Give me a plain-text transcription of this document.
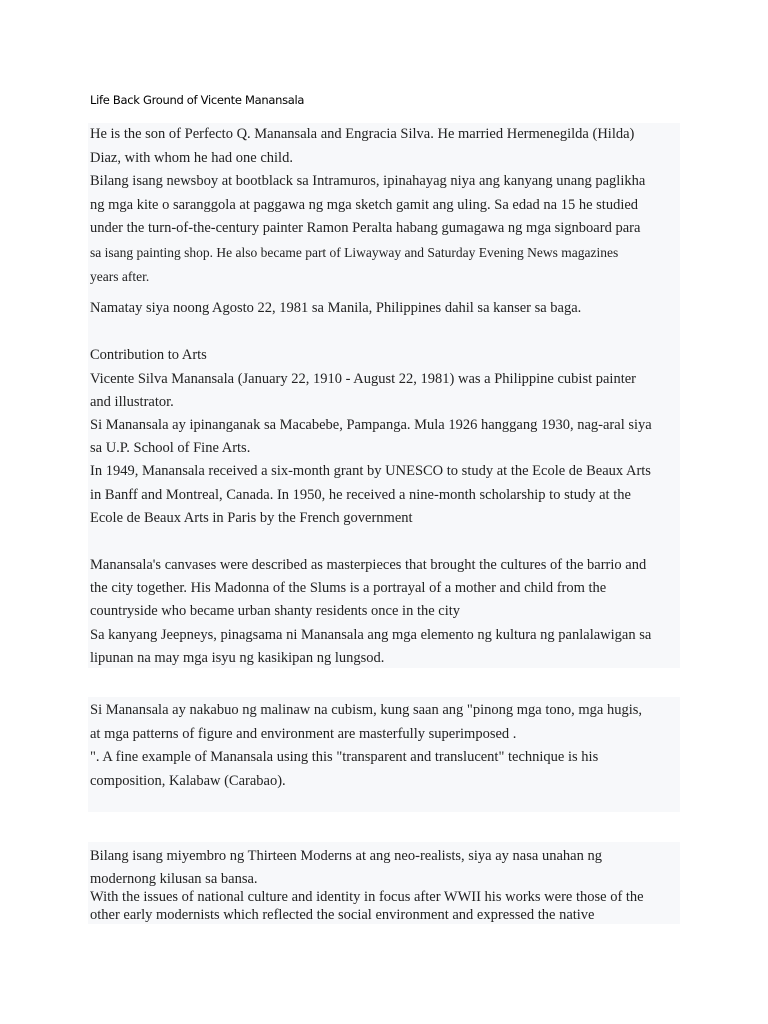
Life Back Ground of Vicente Manansala
He is the son of Perfecto Q. Manansala and Engracia Silva. He married Hermenegilda (Hilda)
Diaz, with whom he had one child.
Bilang isang newsboy at bootblack sa Intramuros, ipinahayag niya ang kanyang unang paglikha
ng mga kite o saranggola at paggawa ng mga sketch gamit ang uling. Sa edad na 15 he studied
under the turn-of-the-century painter Ramon Peralta habang gumagawa ng mga signboard para
sa isang painting shop. He also became part of Liwayway and Saturday Evening News magazines
years after.
Namatay siya noong Agosto 22, 1981 sa Manila, Philippines dahil sa kanser sa baga.
Contribution to Arts
Vicente Silva Manansala (January 22, 1910 - August 22, 1981) was a Philippine cubist painter
and illustrator.
Si Manansala ay ipinanganak sa Macabebe, Pampanga. Mula 1926 hanggang 1930, nag-aral siya
sa U.P. School of Fine Arts.
In 1949, Manansala received a six-month grant by UNESCO to study at the Ecole de Beaux Arts
in Banff and Montreal, Canada. In 1950, he received a nine-month scholarship to study at the
Ecole de Beaux Arts in Paris by the French government
Manansala's canvases were described as masterpieces that brought the cultures of the barrio and
the city together. His Madonna of the Slums is a portrayal of a mother and child from the
countryside who became urban shanty residents once in the city
Sa kanyang Jeepneys, pinagsama ni Manansala ang mga elemento ng kultura ng panlalawigan sa
lipunan na may mga isyu ng kasikipan ng lungsod.
Si Manansala ay nakabuo ng malinaw na cubism, kung saan ang "pinong mga tono, mga hugis,
at mga patterns of figure and environment are masterfully superimposed .
". A fine example of Manansala using this "transparent and translucent" technique is his
composition, Kalabaw (Carabao).
Bilang isang miyembro ng Thirteen Moderns at ang neo-realists, siya ay nasa unahan ng
modernong kilusan sa bansa.
With the issues of national culture and identity in focus after WWII his works were those of the
other early modernists which reflected the social environment and expressed the native
